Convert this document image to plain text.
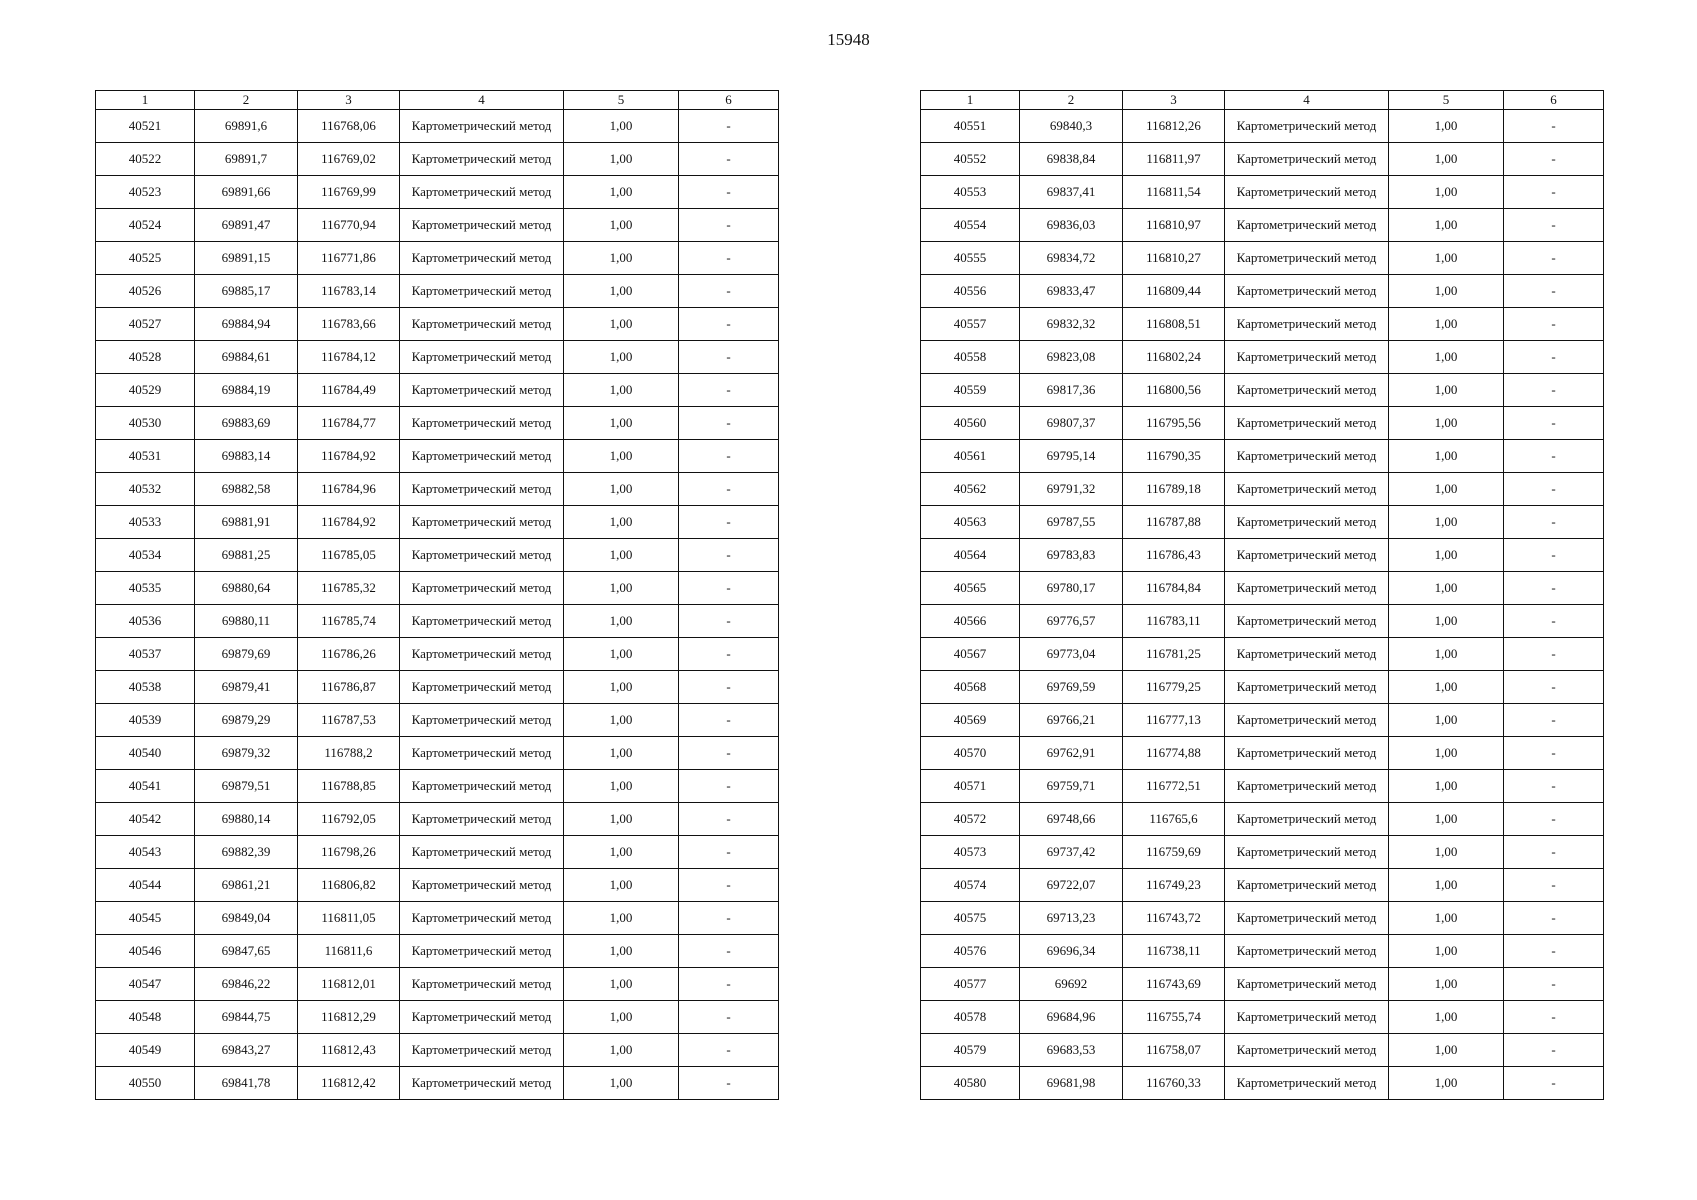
15948
1	2	3	4	5	6
40521	69891,6	116768,06	Картометрический метод	1,00	-
40522	69891,7	116769,02	Картометрический метод	1,00	-
40523	69891,66	116769,99	Картометрический метод	1,00	-
40524	69891,47	116770,94	Картометрический метод	1,00	-
40525	69891,15	116771,86	Картометрический метод	1,00	-
40526	69885,17	116783,14	Картометрический метод	1,00	-
40527	69884,94	116783,66	Картометрический метод	1,00	-
40528	69884,61	116784,12	Картометрический метод	1,00	-
40529	69884,19	116784,49	Картометрический метод	1,00	-
40530	69883,69	116784,77	Картометрический метод	1,00	-
40531	69883,14	116784,92	Картометрический метод	1,00	-
40532	69882,58	116784,96	Картометрический метод	1,00	-
40533	69881,91	116784,92	Картометрический метод	1,00	-
40534	69881,25	116785,05	Картометрический метод	1,00	-
40535	69880,64	116785,32	Картометрический метод	1,00	-
40536	69880,11	116785,74	Картометрический метод	1,00	-
40537	69879,69	116786,26	Картометрический метод	1,00	-
40538	69879,41	116786,87	Картометрический метод	1,00	-
40539	69879,29	116787,53	Картометрический метод	1,00	-
40540	69879,32	116788,2	Картометрический метод	1,00	-
40541	69879,51	116788,85	Картометрический метод	1,00	-
40542	69880,14	116792,05	Картометрический метод	1,00	-
40543	69882,39	116798,26	Картометрический метод	1,00	-
40544	69861,21	116806,82	Картометрический метод	1,00	-
40545	69849,04	116811,05	Картометрический метод	1,00	-
40546	69847,65	116811,6	Картометрический метод	1,00	-
40547	69846,22	116812,01	Картометрический метод	1,00	-
40548	69844,75	116812,29	Картометрический метод	1,00	-
40549	69843,27	116812,43	Картометрический метод	1,00	-
40550	69841,78	116812,42	Картометрический метод	1,00	-
1	2	3	4	5	6
40551	69840,3	116812,26	Картометрический метод	1,00	-
40552	69838,84	116811,97	Картометрический метод	1,00	-
40553	69837,41	116811,54	Картометрический метод	1,00	-
40554	69836,03	116810,97	Картометрический метод	1,00	-
40555	69834,72	116810,27	Картометрический метод	1,00	-
40556	69833,47	116809,44	Картометрический метод	1,00	-
40557	69832,32	116808,51	Картометрический метод	1,00	-
40558	69823,08	116802,24	Картометрический метод	1,00	-
40559	69817,36	116800,56	Картометрический метод	1,00	-
40560	69807,37	116795,56	Картометрический метод	1,00	-
40561	69795,14	116790,35	Картометрический метод	1,00	-
40562	69791,32	116789,18	Картометрический метод	1,00	-
40563	69787,55	116787,88	Картометрический метод	1,00	-
40564	69783,83	116786,43	Картометрический метод	1,00	-
40565	69780,17	116784,84	Картометрический метод	1,00	-
40566	69776,57	116783,11	Картометрический метод	1,00	-
40567	69773,04	116781,25	Картометрический метод	1,00	-
40568	69769,59	116779,25	Картометрический метод	1,00	-
40569	69766,21	116777,13	Картометрический метод	1,00	-
40570	69762,91	116774,88	Картометрический метод	1,00	-
40571	69759,71	116772,51	Картометрический метод	1,00	-
40572	69748,66	116765,6	Картометрический метод	1,00	-
40573	69737,42	116759,69	Картометрический метод	1,00	-
40574	69722,07	116749,23	Картометрический метод	1,00	-
40575	69713,23	116743,72	Картометрический метод	1,00	-
40576	69696,34	116738,11	Картометрический метод	1,00	-
40577	69692	116743,69	Картометрический метод	1,00	-
40578	69684,96	116755,74	Картометрический метод	1,00	-
40579	69683,53	116758,07	Картометрический метод	1,00	-
40580	69681,98	116760,33	Картометрический метод	1,00	-
